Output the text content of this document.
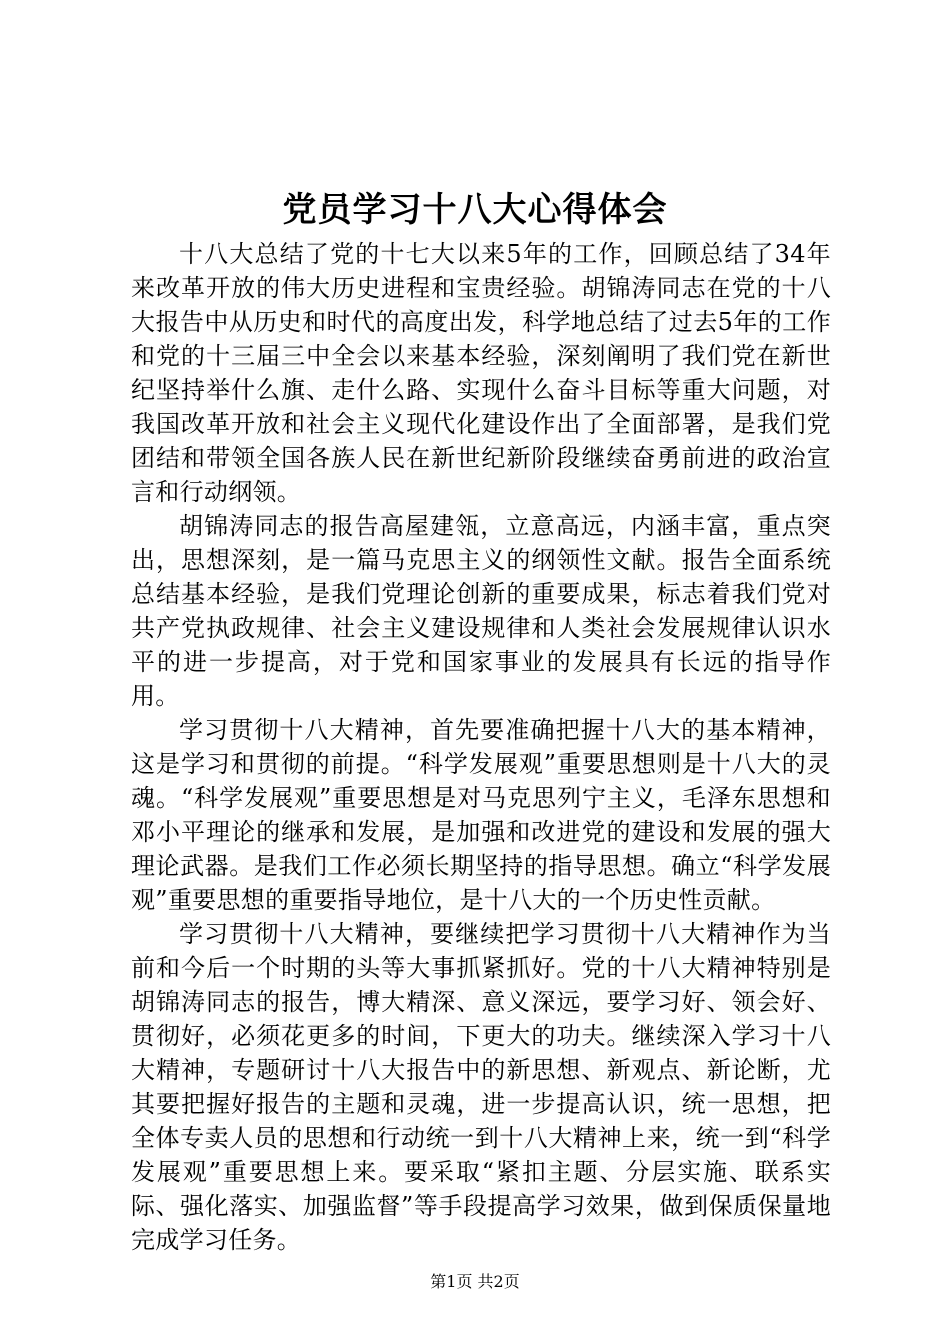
党员学习十八大心得体会

十八大总结了党的十七大以来5年的工作，回顾总结了34年来改革开放的伟大历史进程和宝贵经验。胡锦涛同志在党的十八大报告中从历史和时代的高度出发，科学地总结了过去5年的工作和党的十三届三中全会以来基本经验，深刻阐明了我们党在新世纪坚持举什么旗、走什么路、实现什么奋斗目标等重大问题，对我国改革开放和社会主义现代化建设作出了全面部署，是我们党团结和带领全国各族人民在新世纪新阶段继续奋勇前进的政治宣言和行动纲领。

胡锦涛同志的报告高屋建瓴，立意高远，内涵丰富，重点突出，思想深刻，是一篇马克思主义的纲领性文献。报告全面系统总结基本经验，是我们党理论创新的重要成果，标志着我们党对共产党执政规律、社会主义建设规律和人类社会发展规律认识水平的进一步提高，对于党和国家事业的发展具有长远的指导作用。

学习贯彻十八大精神，首先要准确把握十八大的基本精神，这是学习和贯彻的前提。“科学发展观”重要思想则是十八大的灵魂。“科学发展观”重要思想是对马克思列宁主义，毛泽东思想和邓小平理论的继承和发展，是加强和改进党的建设和发展的强大理论武器。是我们工作必须长期坚持的指导思想。确立“科学发展观”重要思想的重要指导地位，是十八大的一个历史性贡献。

学习贯彻十八大精神，要继续把学习贯彻十八大精神作为当前和今后一个时期的头等大事抓紧抓好。党的十八大精神特别是胡锦涛同志的报告，博大精深、意义深远，要学习好、领会好、贯彻好，必须花更多的时间，下更大的功夫。继续深入学习十八大精神，专题研讨十八大报告中的新思想、新观点、新论断，尤其要把握好报告的主题和灵魂，进一步提高认识，统一思想，把全体专卖人员的思想和行动统一到十八大精神上来，统一到“科学发展观”重要思想上来。要采取“紧扣主题、分层实施、联系实际、强化落实、加强监督”等手段提高学习效果，做到保质保量地完成学习任务。

第1页 共2页
